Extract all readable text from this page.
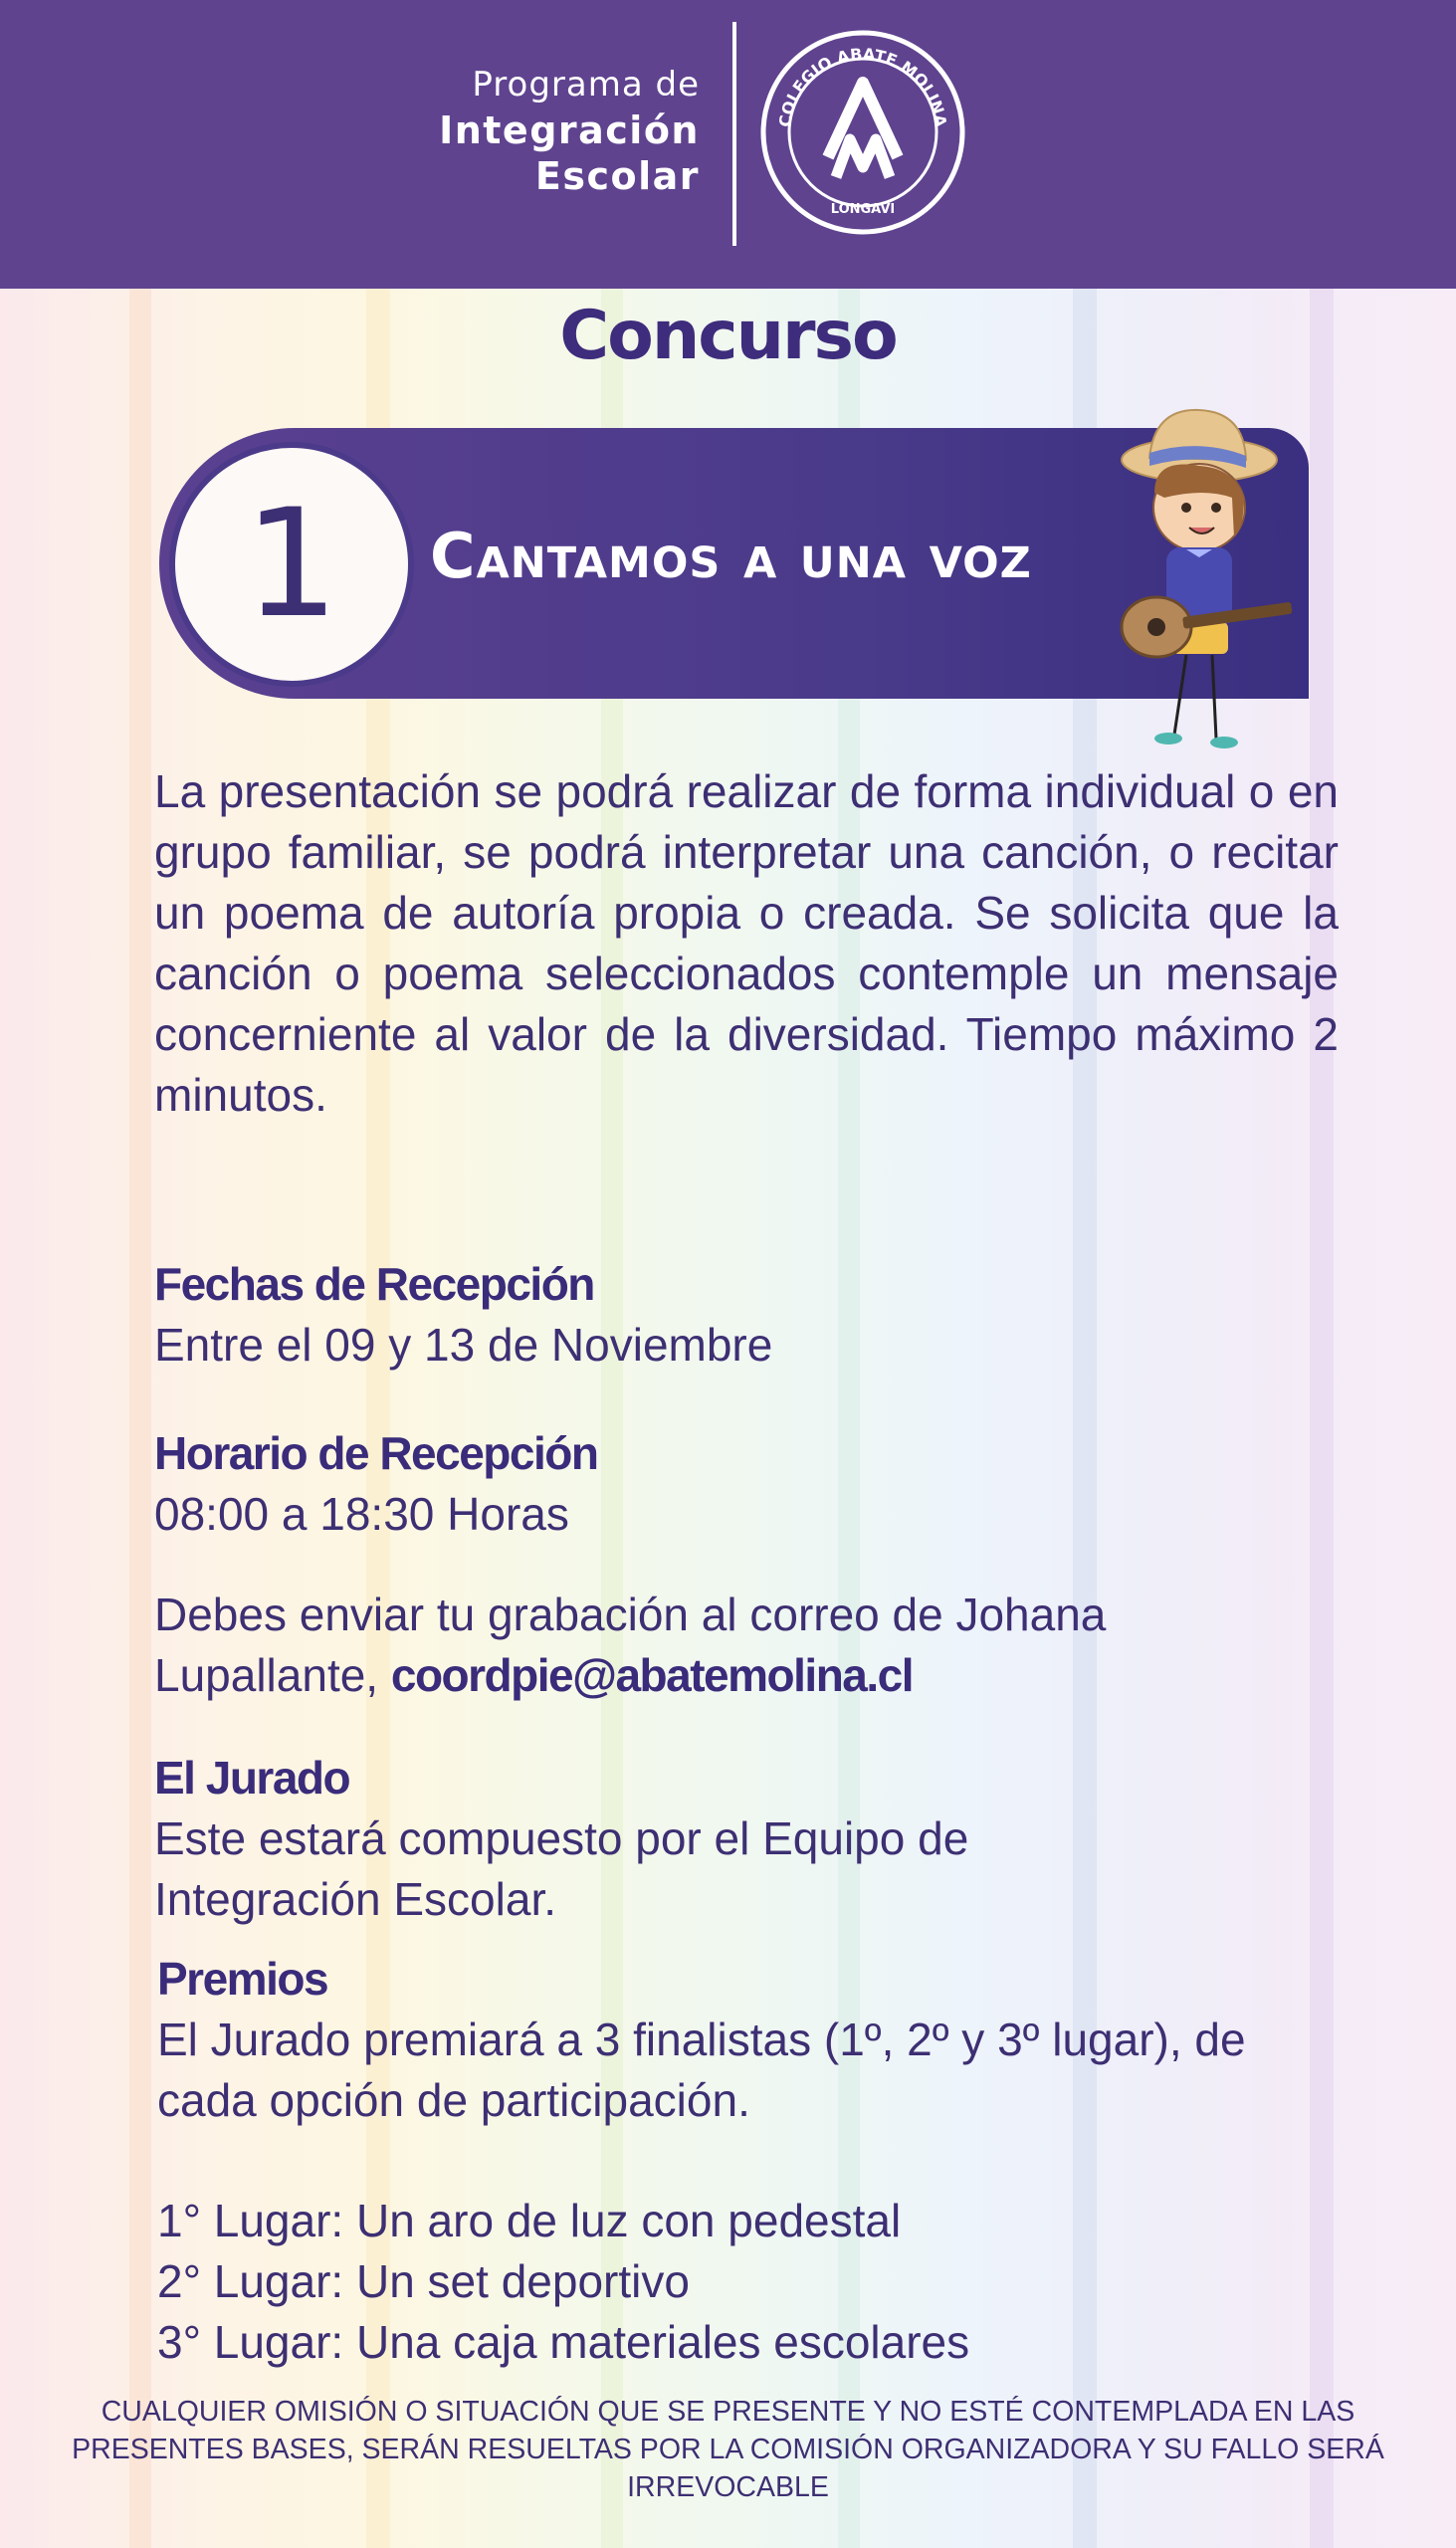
Programa de
Integración
Escolar
COLEGIO ABATE MOLINA
LONGAVI
Concurso
1	Cantamos a una voz
La presentación se podrá realizar de forma individual o en grupo familiar, se podrá interpretar una canción, o recitar un poema de autoría propia o creada. Se solicita que la canción o poema seleccionados contemple un mensaje concerniente al valor de la diversidad. Tiempo máximo 2 minutos.
Fechas de Recepción
Entre el 09 y 13 de Noviembre
Horario de Recepción
08:00 a 18:30 Horas
Debes enviar tu grabación al correo de Johana Lupallante, coordpie@abatemolina.cl
El Jurado
Este estará compuesto por el Equipo de Integración Escolar.
Premios
El Jurado premiará a 3 finalistas (1º, 2º y 3º lugar), de cada opción de participación.
1° Lugar: Un aro de luz con pedestal
2° Lugar: Un set deportivo
3° Lugar: Una caja materiales escolares
CUALQUIER OMISIÓN O SITUACIÓN QUE SE PRESENTE Y NO ESTÉ CONTEMPLADA EN LAS PRESENTES BASES, SERÁN RESUELTAS POR LA COMISIÓN ORGANIZADORA Y SU FALLO SERÁ IRREVOCABLE
